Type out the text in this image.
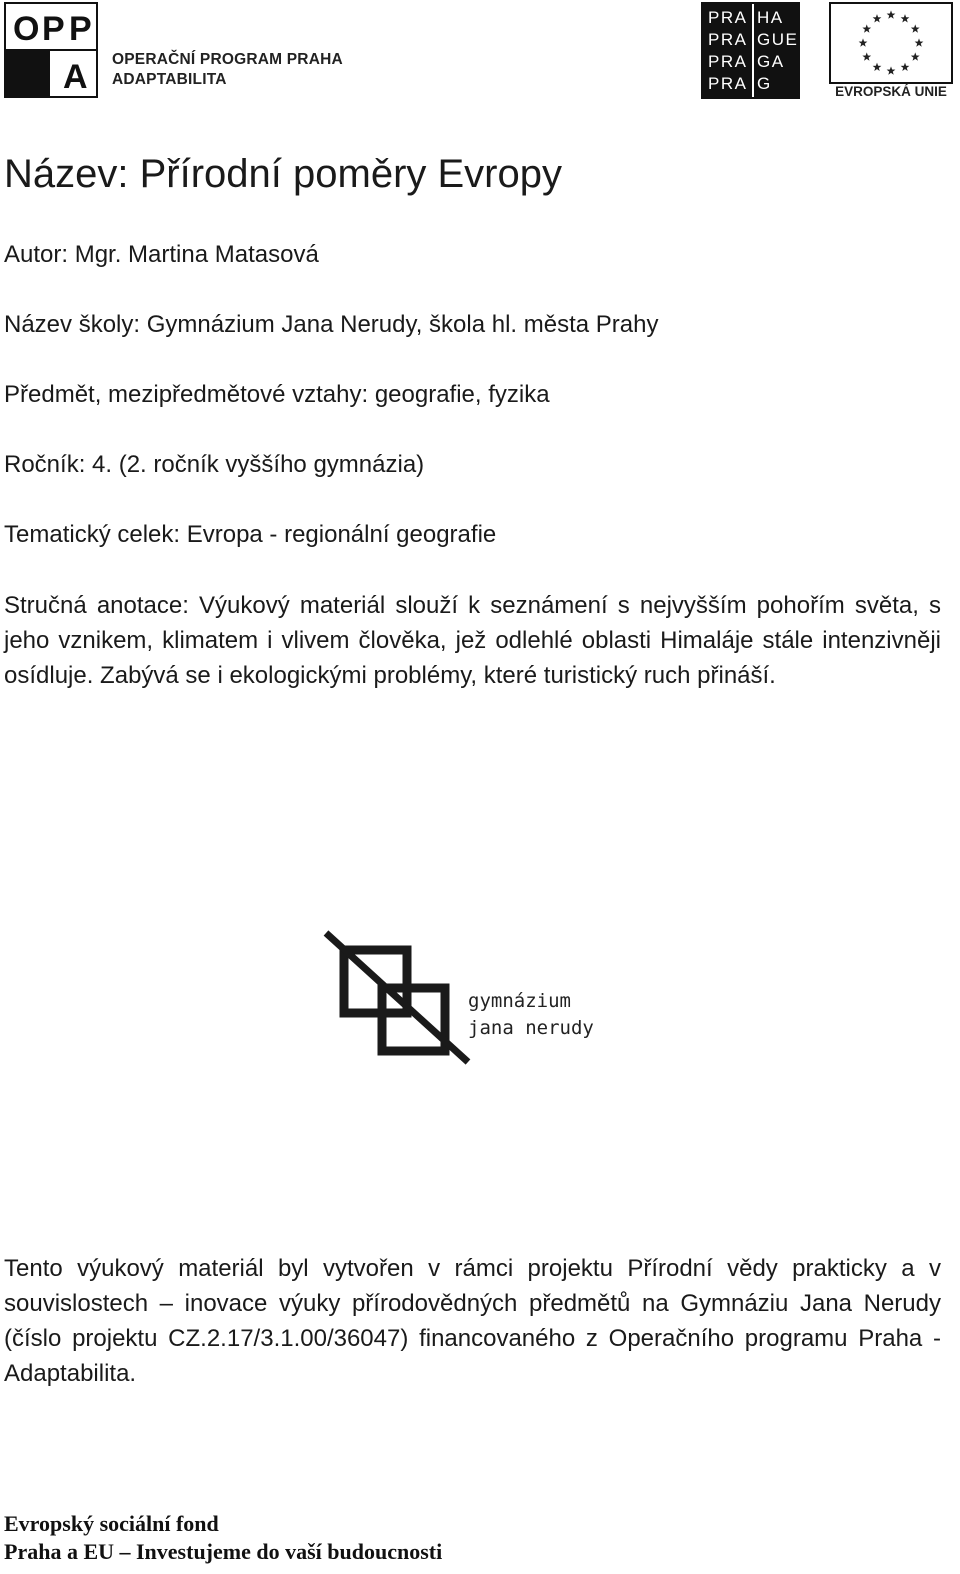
O P P
A OPERAČNÍ PROGRAM PRAHA
ADAPTABILITA
PRA HA
PRA GUE
PRA GA
PRA G	EVROPSKÁ UNIE
Název: Přírodní poměry Evropy
Autor: Mgr. Martina Matasová
Název školy: Gymnázium Jana Nerudy, škola hl. města Prahy
Předmět, mezipředmětové vztahy: geografie, fyzika
Ročník: 4. (2. ročník vyššího gymnázia)
Tematický celek: Evropa - regionální geografie

Stručná anotace: Výukový materiál slouží k seznámení s nejvyšším pohořím světa, s jeho vznikem, klimatem i vlivem člověka, jež odlehlé oblasti Himaláje stále intenzivněji osídluje. Zabývá se i ekologickými problémy, které turistický ruch přináší.

gymnázium
jana nerudy

Tento výukový materiál byl vytvořen v rámci projektu Přírodní vědy prakticky a v souvislostech – inovace výuky přírodovědných předmětů na Gymnáziu Jana Nerudy (číslo projektu CZ.2.17/3.1.00/36047) financovaného z Operačního programu Praha - Adaptabilita.

Evropský sociální fond
Praha a EU – Investujeme do vaší budoucnosti
